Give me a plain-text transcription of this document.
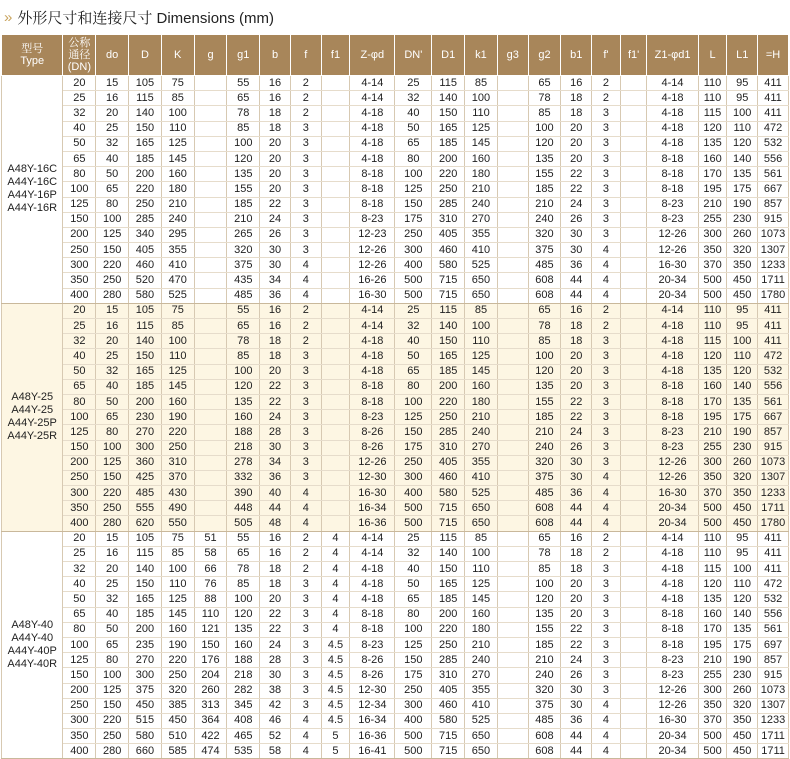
» 外形尺寸和连接尺寸 Dimensions (mm)
型号
Type	公称
通径
(DN)	do	D	K	g	g1	b	f	f1	Z-φd	DN'	D1	k1	g3	g2	b1	f'	f1'	Z1-φd1	L	L1	=H
A48Y-16C
A44Y-16C
A44Y-16P
A44Y-16R	20	15	105	75		55	16	2		4-14	25	115	85		65	16	2		4-14	110	95	411
	25	16	115	85		65	16	2		4-14	32	140	100		78	18	2		4-18	110	95	411
	32	20	140	100		78	18	2		4-18	40	150	110		85	18	3		4-18	115	100	411
	40	25	150	110		85	18	3		4-18	50	165	125		100	20	3		4-18	120	110	472
	50	32	165	125		100	20	3		4-18	65	185	145		120	20	3		4-18	135	120	532
	65	40	185	145		120	20	3		4-18	80	200	160		135	20	3		8-18	160	140	556
	80	50	200	160		135	20	3		8-18	100	220	180		155	22	3		8-18	170	135	561
	100	65	220	180		155	20	3		8-18	125	250	210		185	22	3		8-18	195	175	667
	125	80	250	210		185	22	3		8-18	150	285	240		210	24	3		8-23	210	190	857
	150	100	285	240		210	24	3		8-23	175	310	270		240	26	3		8-23	255	230	915
	200	125	340	295		265	26	3		12-23	250	405	355		320	30	3		12-26	300	260	1073
	250	150	405	355		320	30	3		12-26	300	460	410		375	30	4		12-26	350	320	1307
	300	220	460	410		375	30	4		12-26	400	580	525		485	36	4		16-30	370	350	1233
	350	250	520	470		435	34	4		16-26	500	715	650		608	44	4		20-34	500	450	1711
	400	280	580	525		485	36	4		16-30	500	715	650		608	44	4		20-34	500	450	1780
A48Y-25
A44Y-25
A44Y-25P
A44Y-25R	20	15	105	75		55	16	2		4-14	25	115	85		65	16	2		4-14	110	95	411
	25	16	115	85		65	16	2		4-14	32	140	100		78	18	2		4-18	110	95	411
	32	20	140	100		78	18	2		4-18	40	150	110		85	18	3		4-18	115	100	411
	40	25	150	110		85	18	3		4-18	50	165	125		100	20	3		4-18	120	110	472
	50	32	165	125		100	20	3		4-18	65	185	145		120	20	3		4-18	135	120	532
	65	40	185	145		120	22	3		8-18	80	200	160		135	20	3		8-18	160	140	556
	80	50	200	160		135	22	3		8-18	100	220	180		155	22	3		8-18	170	135	561
	100	65	230	190		160	24	3		8-23	125	250	210		185	22	3		8-18	195	175	667
	125	80	270	220		188	28	3		8-26	150	285	240		210	24	3		8-23	210	190	857
	150	100	300	250		218	30	3		8-26	175	310	270		240	26	3		8-23	255	230	915
	200	125	360	310		278	34	3		12-26	250	405	355		320	30	3		12-26	300	260	1073
	250	150	425	370		332	36	3		12-30	300	460	410		375	30	4		12-26	350	320	1307
	300	220	485	430		390	40	4		16-30	400	580	525		485	36	4		16-30	370	350	1233
	350	250	555	490		448	44	4		16-34	500	715	650		608	44	4		20-34	500	450	1711
	400	280	620	550		505	48	4		16-36	500	715	650		608	44	4		20-34	500	450	1780
A48Y-40
A44Y-40
A44Y-40P
A44Y-40R	20	15	105	75	51	55	16	2	4	4-14	25	115	85		65	16	2		4-14	110	95	411
	25	16	115	85	58	65	16	2	4	4-14	32	140	100		78	18	2		4-18	110	95	411
	32	20	140	100	66	78	18	2	4	4-18	40	150	110		85	18	3		4-18	115	100	411
	40	25	150	110	76	85	18	3	4	4-18	50	165	125		100	20	3		4-18	120	110	472
	50	32	165	125	88	100	20	3	4	4-18	65	185	145		120	20	3		4-18	135	120	532
	65	40	185	145	110	120	22	3	4	8-18	80	200	160		135	20	3		8-18	160	140	556
	80	50	200	160	121	135	22	3	4	8-18	100	220	180		155	22	3		8-18	170	135	561
	100	65	235	190	150	160	24	3	4.5	8-23	125	250	210		185	22	3		8-18	195	175	697
	125	80	270	220	176	188	28	3	4.5	8-26	150	285	240		210	24	3		8-23	210	190	857
	150	100	300	250	204	218	30	3	4.5	8-26	175	310	270		240	26	3		8-23	255	230	915
	200	125	375	320	260	282	38	3	4.5	12-30	250	405	355		320	30	3		12-26	300	260	1073
	250	150	450	385	313	345	42	3	4.5	12-34	300	460	410		375	30	4		12-26	350	320	1307
	300	220	515	450	364	408	46	4	4.5	16-34	400	580	525		485	36	4		16-30	370	350	1233
	350	250	580	510	422	465	52	4	5	16-36	500	715	650		608	44	4		20-34	500	450	1711
	400	280	660	585	474	535	58	4	5	16-41	500	715	650		608	44	4		20-34	500	450	1711
